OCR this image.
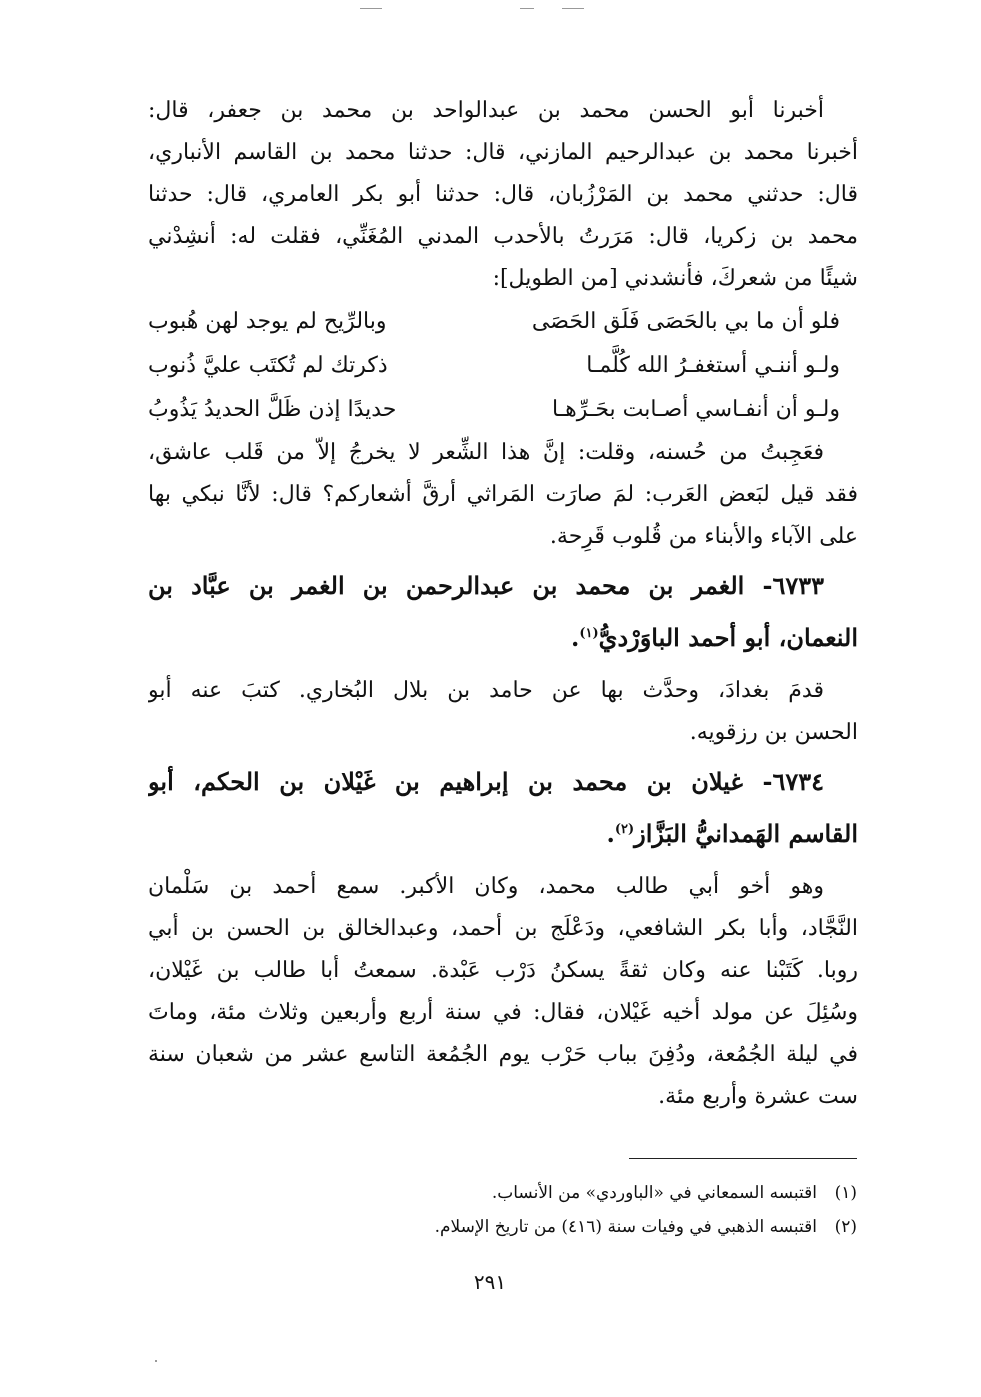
أخبرنا أبو الحسن محمد بن عبدالواحد بن محمد بن جعفر، قال:
أخبرنا محمد بن عبدالرحيم المازني، قال: حدثنا محمد بن القاسم الأنباري،
قال: حدثني محمد بن المَرْزُبان، قال: حدثنا أبو بكر العامري، قال: حدثنا
محمد بن زكريا، قال: مَرَرتُ بالأحدب المدني المُغَنِّي، فقلت له: أنشِدْني
شيئًا من شعركَ، فأنشدني [من الطويل]:

فلو أن ما بي بالحَصَى فَلَق الحَصَى
وبالرِّيح لم يوجد لهن هُبوب
ولـو أننـي أستغفـرُ الله كُلَّمـا
ذكرتك لم تُكتَب عليَّ ذُنوب
ولـو أن أنفـاسي أصـابت بحَـرِّهـا
حديدًا إذن ظَلَّ الحديدُ يَذُوبُ

فعَجِبتُ من حُسنه، وقلت: إنَّ هذا الشِّعر لا يخرجُ إلاّ من قَلب عاشق،
فقد قيل لبَعض العَرب: لمَ صارَت المَراثي أرقَّ أشعاركم؟ قال: لأنَّا نبكي بها
على الآباء والأبناء من قُلوب قَرِحة.

٦٧٣٣- الغمر بن محمد بن عبدالرحمن بن الغمر بن عبَّاد بن
النعمان، أبو أحمد الباوَرْديُّ$^{(١)}$.

قدمَ بغدادَ، وحدَّث بها عن حامد بن بلال البُخاري. كتبَ عنه أبو
الحسن بن رزقويه.

٦٧٣٤- غيلان بن محمد بن إبراهيم بن غَيْلان بن الحكم، أبو
القاسم الهَمدانيُّ البَزَّاز$^{(٢)}$.

وهو أخو أبي طالب محمد، وكان الأكبر. سمع أحمد بن سَلْمان
النَّجَّاد، وأبا بكر الشافعي، ودَعْلَج بن أحمد، وعبدالخالق بن الحسن بن أبي
روبا. كَتَبْنا عنه وكان ثقةً يسكنُ دَرْب عَبْدة. سمعتُ أبا طالب بن غَيْلان،
وسُئِلَ عن مولد أخيه غَيْلان، فقال: في سنة أربع وأربعين وثلاث مئة، وماتَ
في ليلة الجُمُعة، ودُفِنَ بباب حَرْب يوم الجُمُعة التاسع عشر من شعبان سنة
ست عشرة وأربع مئة.

(١)
اقتبسه السمعاني في «الباوردي» من الأنساب.
(٢)
اقتبسه الذهبي في وفيات سنة (٤١٦) من تاريخ الإسلام.
٢٩١
